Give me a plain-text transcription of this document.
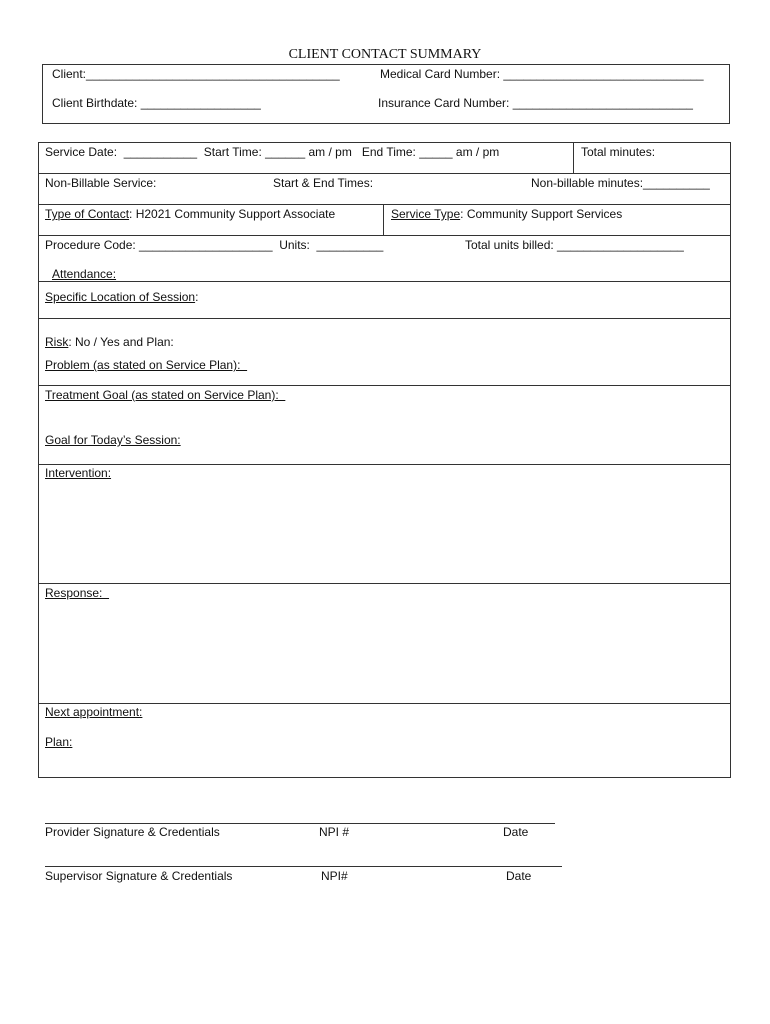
CLIENT CONTACT SUMMARY
Client:______________________________________	Medical Card Number: ______________________________
Client Birthdate: __________________	Insurance Card Number: ___________________________
Service Date:  ___________  Start Time: ______ am / pm   End Time: _____ am / pm	Total minutes:
Non-Billable Service:	Start & End Times:	Non-billable minutes:__________
Type of Contact: H2021 Community Support Associate	Service Type: Community Support Services
Procedure Code: ____________________  Units:  __________	Total units billed: ___________________
Attendance:
Specific Location of Session:
Risk: No / Yes and Plan:
Problem (as stated on Service Plan):
Treatment Goal (as stated on Service Plan):
Goal for Today’s Session:
Intervention:
Response:
Next appointment:
Plan:
Provider Signature & Credentials	NPI #	Date
Supervisor Signature & Credentials	NPI#	Date
